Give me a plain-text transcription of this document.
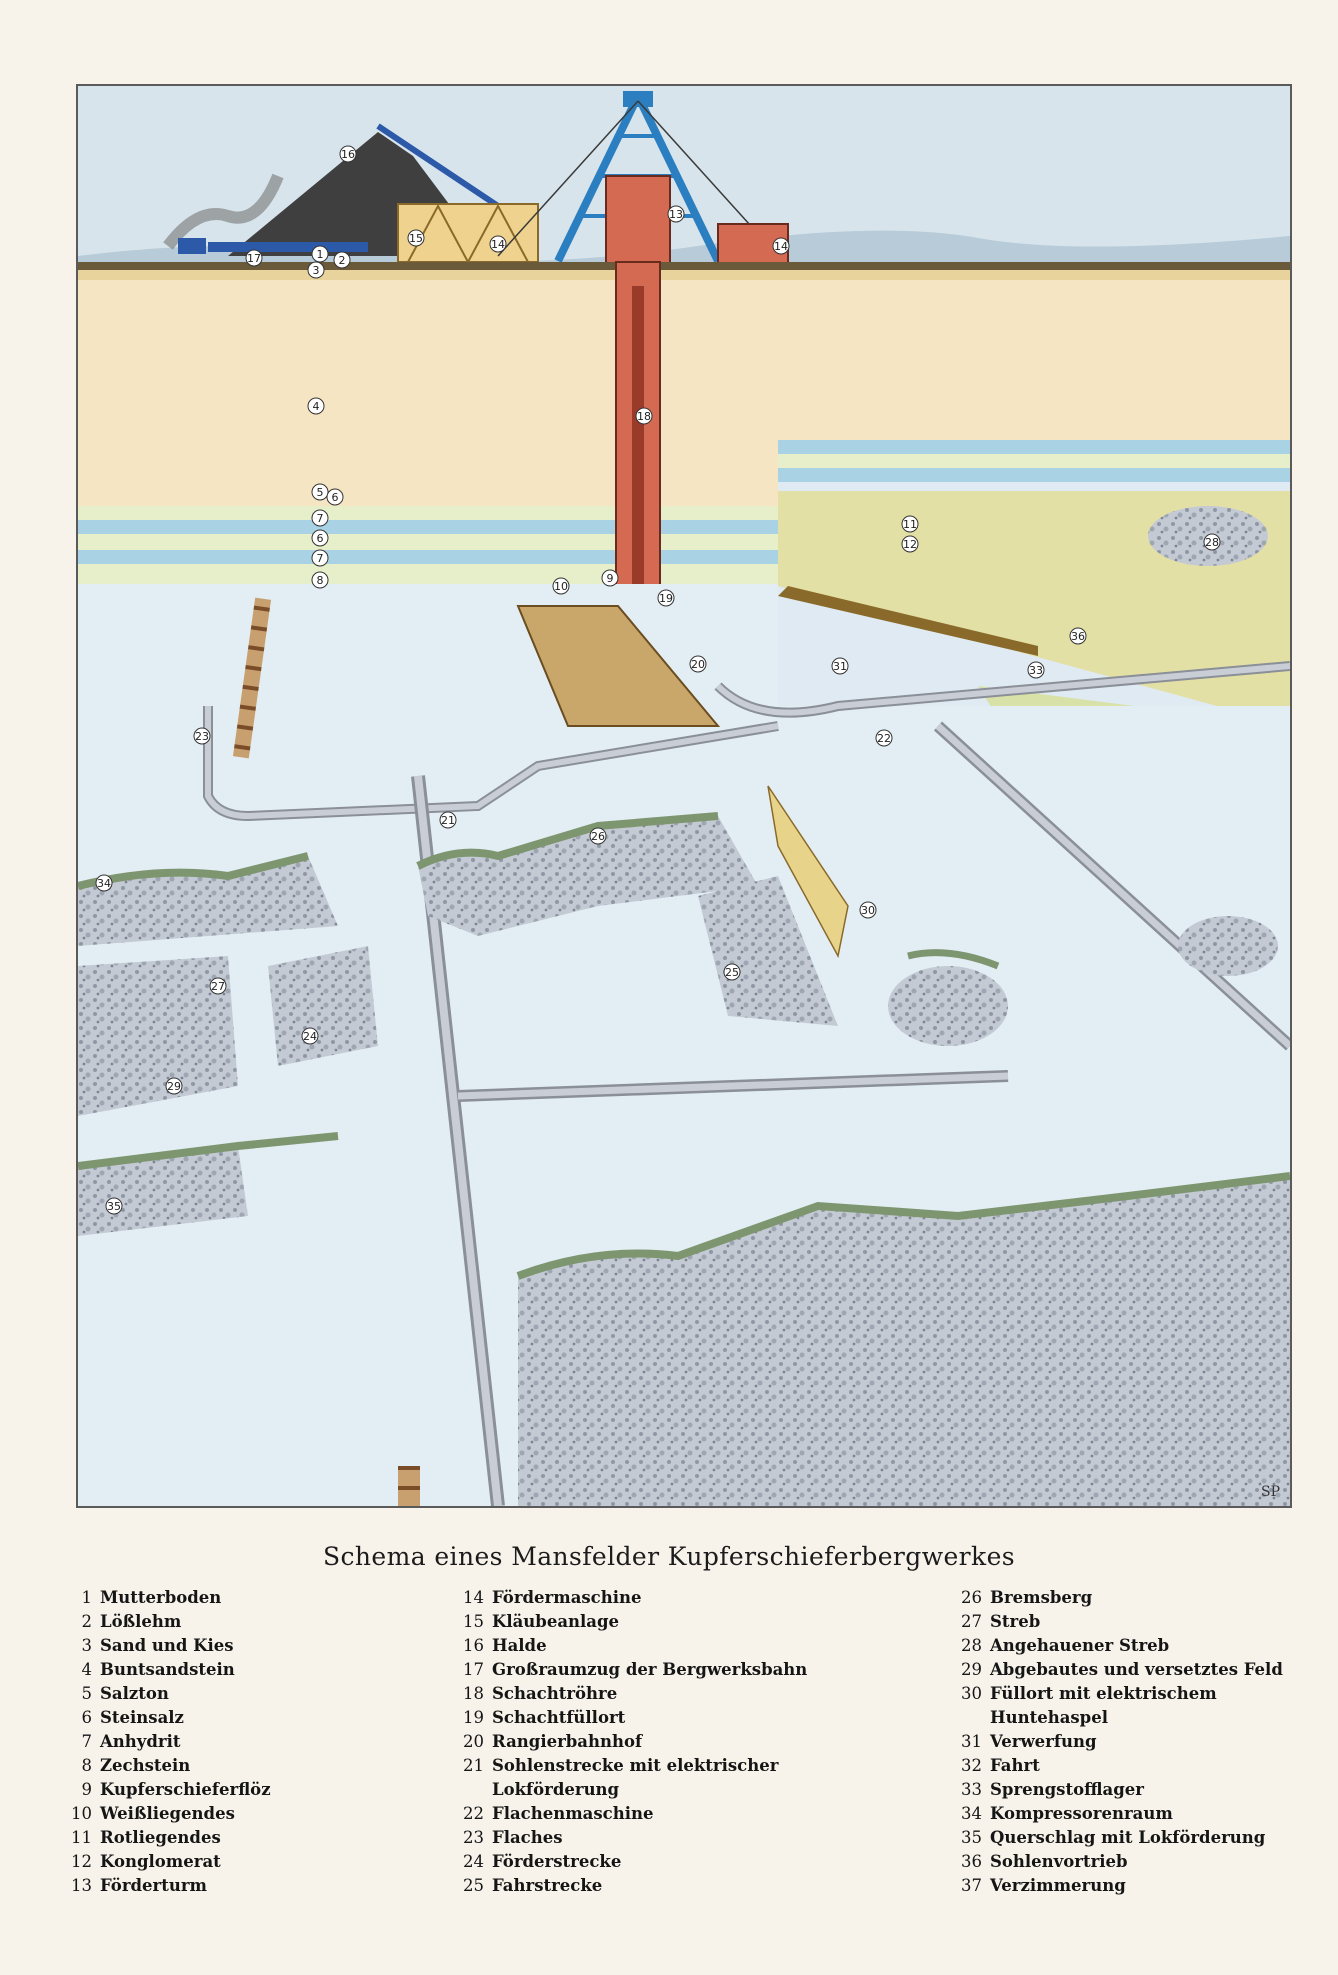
1 2
3
4
5 6
7
6
7
8	9
10
11
12
13
14	14
15
16
17
18
19
20
21
22
23
24
25
26
27
28
29
30
31	33
34
35
36
SP
Schema eines Mansfelder Kupferschieferbergwerkes
1 Mutterboden
2 Lößlehm
3 Sand und Kies
4 Buntsandstein
5 Salzton
6 Steinsalz
7 Anhydrit
8 Zechstein
9 Kupferschieferflöz
10 Weißliegendes
11 Rotliegendes
12 Konglomerat
13 Förderturm
14 Fördermaschine
15 Kläubeanlage
16 Halde
17 Großraumzug der Bergwerksbahn
18 Schachtröhre
19 Schachtfüllort
20 Rangierbahnhof
21 Sohlenstrecke mit elektrischer
Lokförderung
22 Flachenmaschine
23 Flaches
24 Förderstrecke
25 Fahrstrecke
26 Bremsberg
27 Streb
28 Angehauener Streb
29 Abgebautes und versetztes Feld
30 Füllort mit elektrischem
Huntehaspel
31 Verwerfung
32 Fahrt
33 Sprengstofflager
34 Kompressorenraum
35 Querschlag mit Lokförderung
36 Sohlenvortrieb
37 Verzimmerung
